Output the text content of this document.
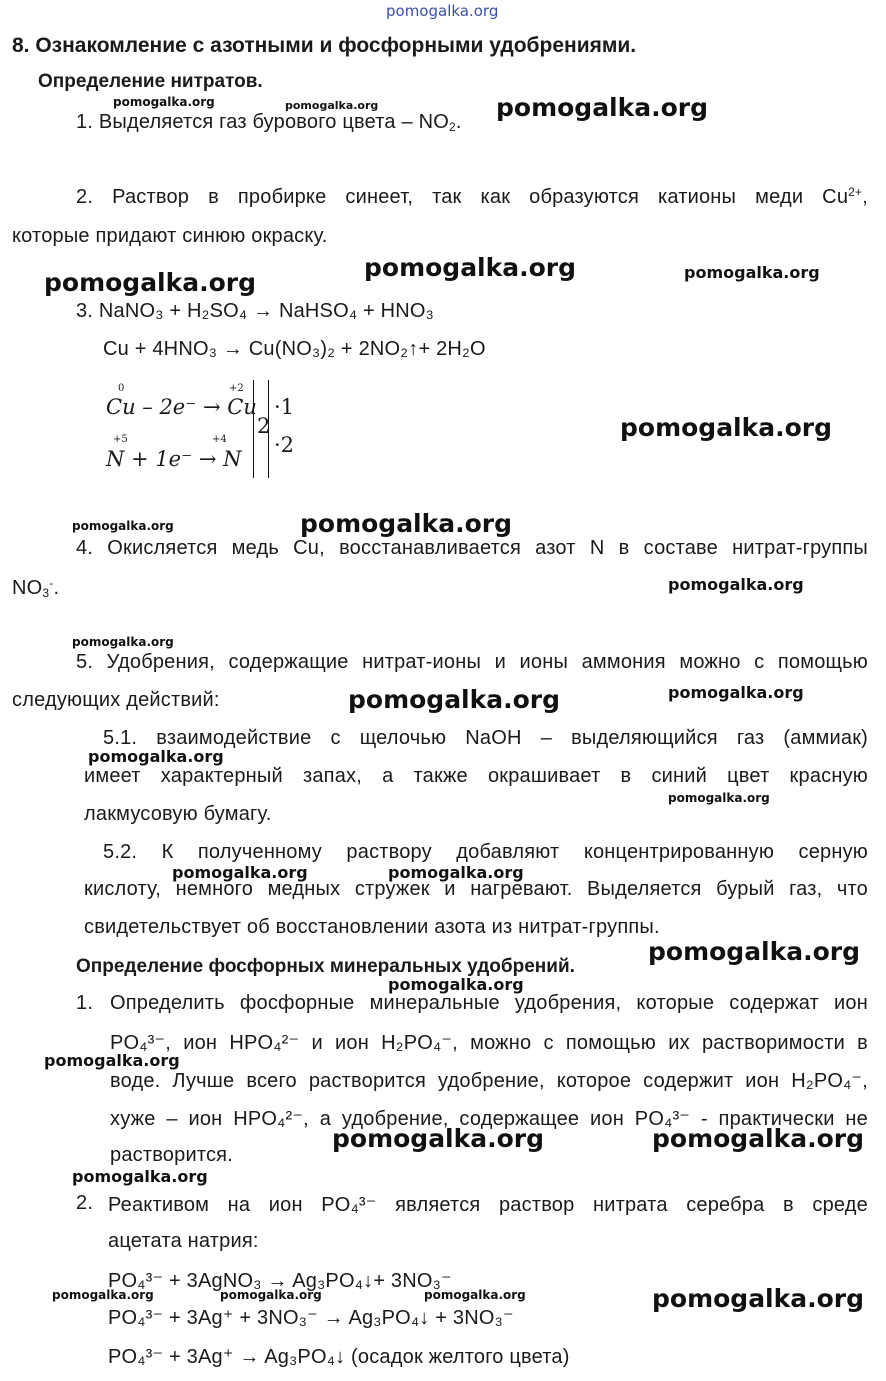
pomogalka.org
8. Ознакомление с азотными и фосфорными удобрениями.
Определение нитратов.
1. Выделяется газ бурового цвета – $NO_2$.
2. Раствор в пробирке синеет, так как образуются катионы меди $Cu^{2+}$,
которые придают синюю окраску.
3. NaNO₃ + H₂SO₄ → NaHSO₄ + HNO₃
Cu + 4HNO₃ → Cu(NO₃)₂ + 2NO₂↑+ 2H₂O
0	+2
Cu – 2e⁻ → Cu
+5	+4
N + 1e⁻ → N
2
·1
·2
4. Окисляется медь Cu, восстанавливается азот N в составе нитрат-группы
$NO_3^-$.
5. Удобрения, содержащие нитрат-ионы и ионы аммония можно с помощью
следующих действий:
5.1. взаимодействие с щелочью NaOH – выделяющийся газ (аммиак)
имеет характерный запах, а также окрашивает в синий цвет красную
лакмусовую бумагу.
5.2. К полученному раствору добавляют концентрированную серную
кислоту, немного медных стружек и нагревают. Выделяется бурый газ, что
свидетельствует об восстановлении азота из нитрат-группы.
Определение фосфорных минеральных удобрений.
1. Определить фосфорные минеральные удобрения, которые содержат ион
PO₄³⁻, ион HPO₄²⁻ и ион H₂PO₄⁻, можно с помощью их растворимости в
воде. Лучше всего растворится удобрение, которое содержит ион H₂PO₄⁻,
хуже – ион HPO₄²⁻, а удобрение, содержащее ион PO₄³⁻ - практически не
растворится.
2. Реактивом на ион PO₄³⁻ является раствор нитрата серебра в среде
ацетата натрия:
PO₄³⁻ + 3AgNO₃ → Ag₃PO₄↓+ 3NO₃⁻
PO₄³⁻ + 3Ag⁺ + 3NO₃⁻ → Ag₃PO₄↓ + 3NO₃⁻
PO₄³⁻ + 3Ag⁺ → Ag₃PO₄↓ (осадок желтого цвета)
pomogalka.org	pomogalka.org	pomogalka.org
pomogalka.org
pomogalka.org	pomogalka.org
pomogalka.org
pomogalka.org	pomogalka.org
pomogalka.org
pomogalka.org
pomogalka.org	pomogalka.org
pomogalka.org
pomogalka.org
pomogalka.org	pomogalka.org
pomogalka.org
pomogalka.org
pomogalka.org
pomogalka.org	pomogalka.org
pomogalka.org
pomogalka.org	pomogalka.org	pomogalka.org	pomogalka.org
